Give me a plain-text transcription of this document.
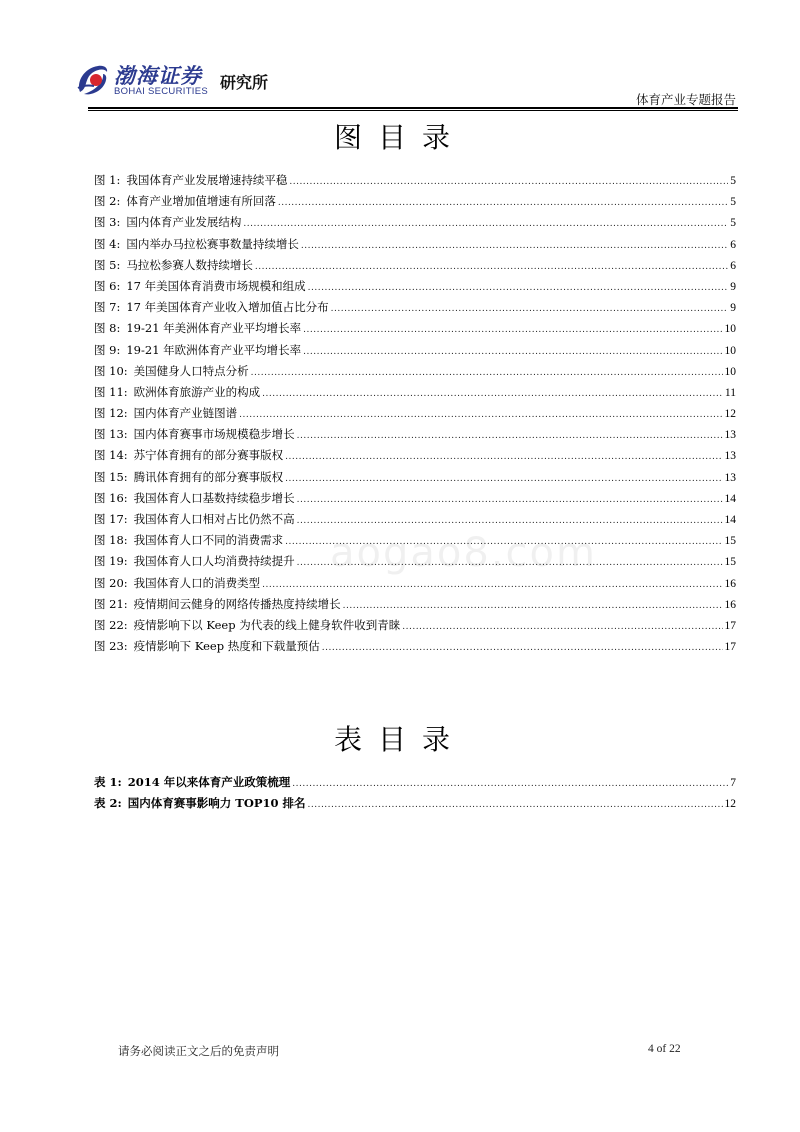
渤海证券
BOHAI SECURITIES 研究所
体育产业专题报告
图目录
图 1: 我国体育产业发展增速持续平稳 .....	5
图 2: 体育产业增加值增速有所回落 .....	5
图 3: 国内体育产业发展结构 .....	5
图 4: 国内举办马拉松赛事数量持续增长 .....	6
图 5: 马拉松参赛人数持续增长 .....	6
图 6: 17 年美国体育消费市场规模和组成 .....	9
图 7: 17 年美国体育产业收入增加值占比分布 .....	9
图 8: 19-21 年美洲体育产业平均增长率 .....	10
图 9: 19-21 年欧洲体育产业平均增长率 .....	10
图 10: 美国健身人口特点分析 .....	10
图 11: 欧洲体育旅游产业的构成 .....	11
图 12: 国内体育产业链图谱 .....	12
图 13: 国内体育赛事市场规模稳步增长 .....	13
图 14: 苏宁体育拥有的部分赛事版权 .....	13
图 15: 腾讯体育拥有的部分赛事版权 .....	13
图 16: 我国体育人口基数持续稳步增长 .....	14
图 17: 我国体育人口相对占比仍然不高 .....	14
图 18: 我国体育人口不同的消费需求 .....	15
图 19: 我国体育人口人均消费持续提升 .....	15
图 20: 我国体育人口的消费类型 .....	16
图 21: 疫情期间云健身的网络传播热度持续增长 .....	16
图 22: 疫情影响下以 Keep 为代表的线上健身软件收到青睐 .....	17
图 23: 疫情影响下 Keep 热度和下载量预估 .....	17
表目录
表 1: 2014 年以来体育产业政策梳理 .....	7
表 2: 国内体育赛事影响力 TOP10 排名 .....	12
aogao8.com
请务必阅读正文之后的免责声明	4 of 22
